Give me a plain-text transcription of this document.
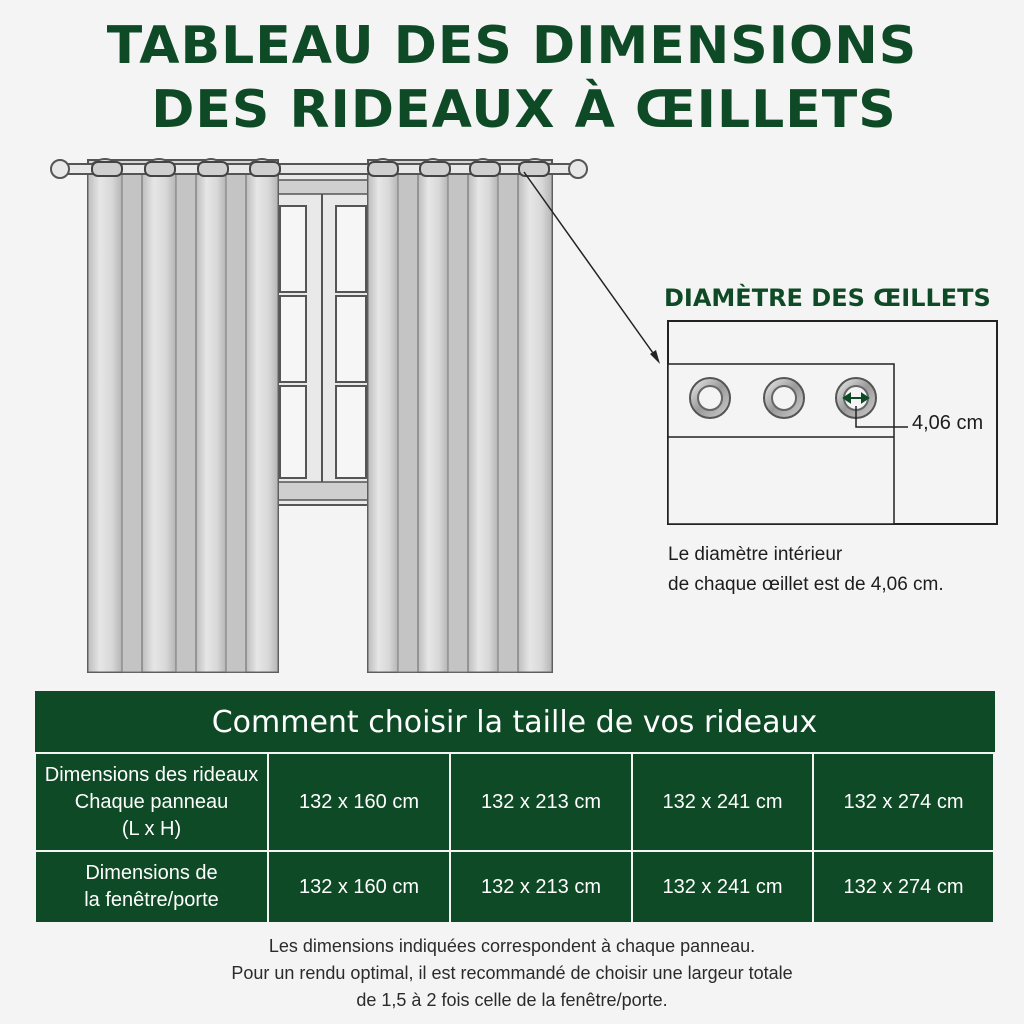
TABLEAU DES DIMENSIONS
DES RIDEAUX À ŒILLETS
DIAMÈTRE DES ŒILLETS
4,06 cm
Le diamètre intérieur
de chaque œillet est de 4,06 cm.
Comment choisir la taille de vos rideaux				

Dimensions des rideaux
Chaque panneau
(L x H)	132 x 160 cm	132 x 213 cm	132 x 241 cm	132 x 274 cm

Dimensions de
la fenêtre/porte	132 x 160 cm	132 x 213 cm	132 x 241 cm	132 x 274 cm
Les dimensions indiquées correspondent à chaque panneau.
Pour un rendu optimal, il est recommandé de choisir une largeur totale
de 1,5 à 2 fois celle de la fenêtre/porte.
